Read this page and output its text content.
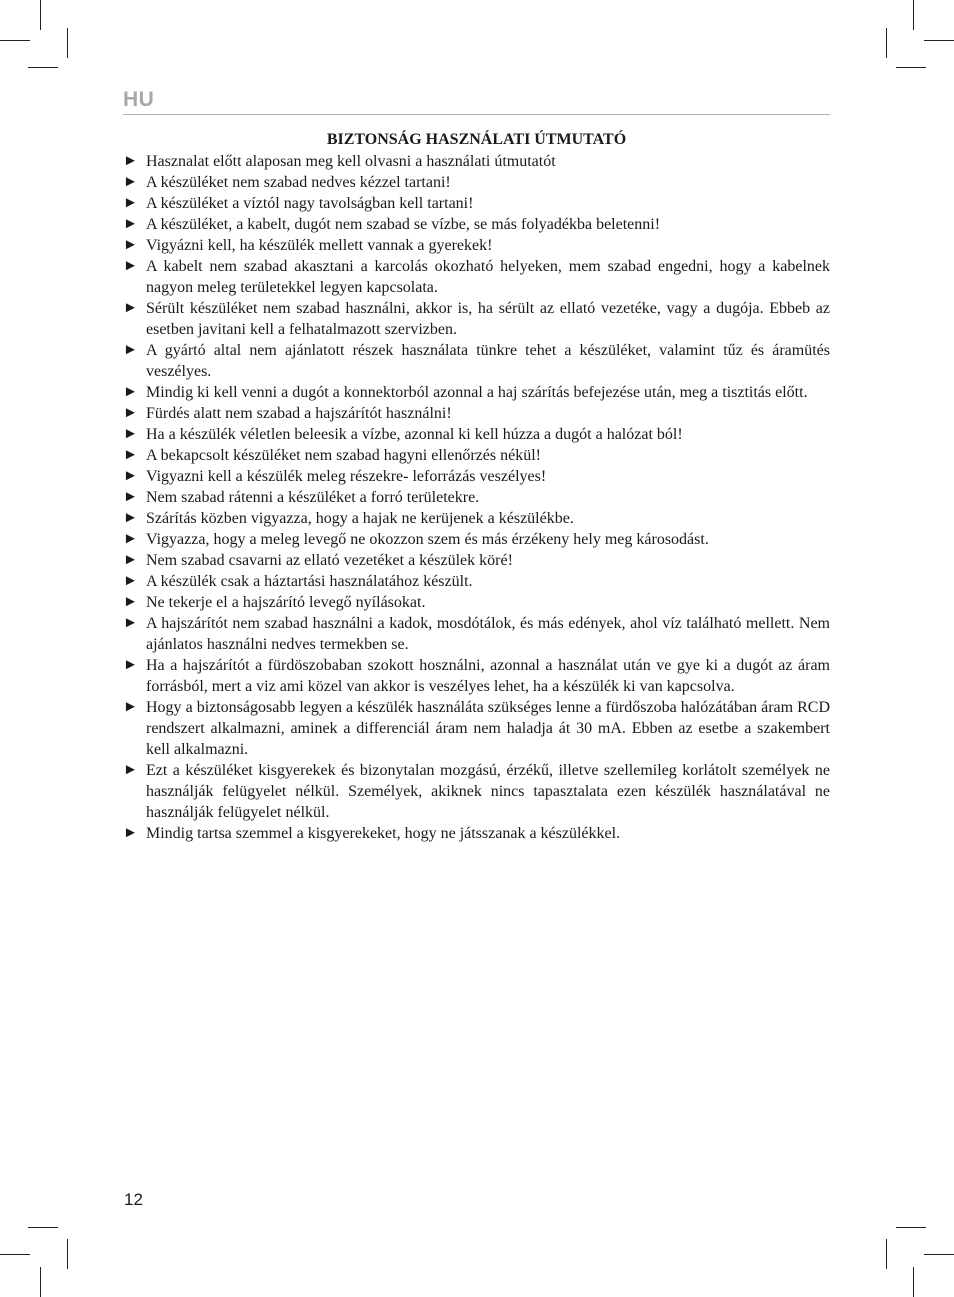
HU
BIZTONSÁG HASZNÁLATI ÚTMUTATÓ
► Hasznalat előtt alaposan meg kell olvasni a használati útmutatót
► A készüléket nem szabad nedves kézzel tartani!
► A készüléket a víztól nagy tavolságban kell tartani!
► A készüléket, a kabelt, dugót nem szabad se vízbe, se más folyadékba beletenni!
► Vigyázni kell, ha készülék mellett vannak a gyerekek!
► A kabelt nem szabad akasztani a karcolás okozható helyeken, mem szabad engedni, hogy a kabelnek nagyon meleg területekkel legyen kapcsolata.
► Sérült készüléket nem szabad használni, akkor is, ha sérült az ellató vezetéke, vagy a dugója. Ebbeb az esetben javitani kell a felhatalmazott szervizben.
► A gyártó altal nem ajánlatott részek használata tünkre tehet a készüléket, valamint tűz és áramütés veszélyes.
► Mindig ki kell venni a dugót a konnektorból azonnal a haj szárítás befejezése után, meg a tisztitás előtt.
► Fürdés alatt nem szabad a hajszárítót használni!
► Ha a készülék véletlen beleesik a vízbe, azonnal ki kell húzza a dugót a halózat ból!
► A bekapcsolt készüléket nem szabad hagyni ellenőrzés nékül!
► Vigyazni kell a készülék meleg részekre- leforrázás veszélyes!
► Nem szabad rátenni a készüléket a forró területekre.
► Szárítás közben vigyazza, hogy a hajak ne kerüjenek a készülékbe.
► Vigyazza, hogy a meleg levegő ne okozzon szem és más érzékeny hely meg károsodást.
► Nem szabad csavarni az ellató vezetéket a készülek köré!
► A készülék csak a háztartási használatához készült.
► Ne tekerje el a hajszárító levegő nyílásokat.
► A hajszárítót nem szabad használni a kadok, mosdótálok, és más edények, ahol víz található mellett. Nem ajánlatos használni nedves termekben se.
► Ha a hajszárítót a fürdöszobaban szokott hosználni, azonnal a használat után ve gye ki a dugót az áram forrásból, mert a viz ami közel van akkor is veszélyes lehet, ha a készülék ki van kapcsolva.
► Hogy a biztonságosabb legyen a készülék használáta szükséges lenne a fürdőszoba halózátában áram RCD rendszert alkalmazni, aminek a differenciál áram nem haladja át 30 mA. Ebben az esetbe a szakembert kell alkalmazni.
► Ezt a készüléket kisgyerekek és bizonytalan mozgású, érzékű, illetve szellemileg korlátolt személyek ne használják felügyelet nélkül. Személyek, akiknek nincs tapasztalata ezen készülék használatával ne használják felügyelet nélkül.
► Mindig tartsa szemmel a kisgyerekeket, hogy ne játsszanak a készülékkel.
12
